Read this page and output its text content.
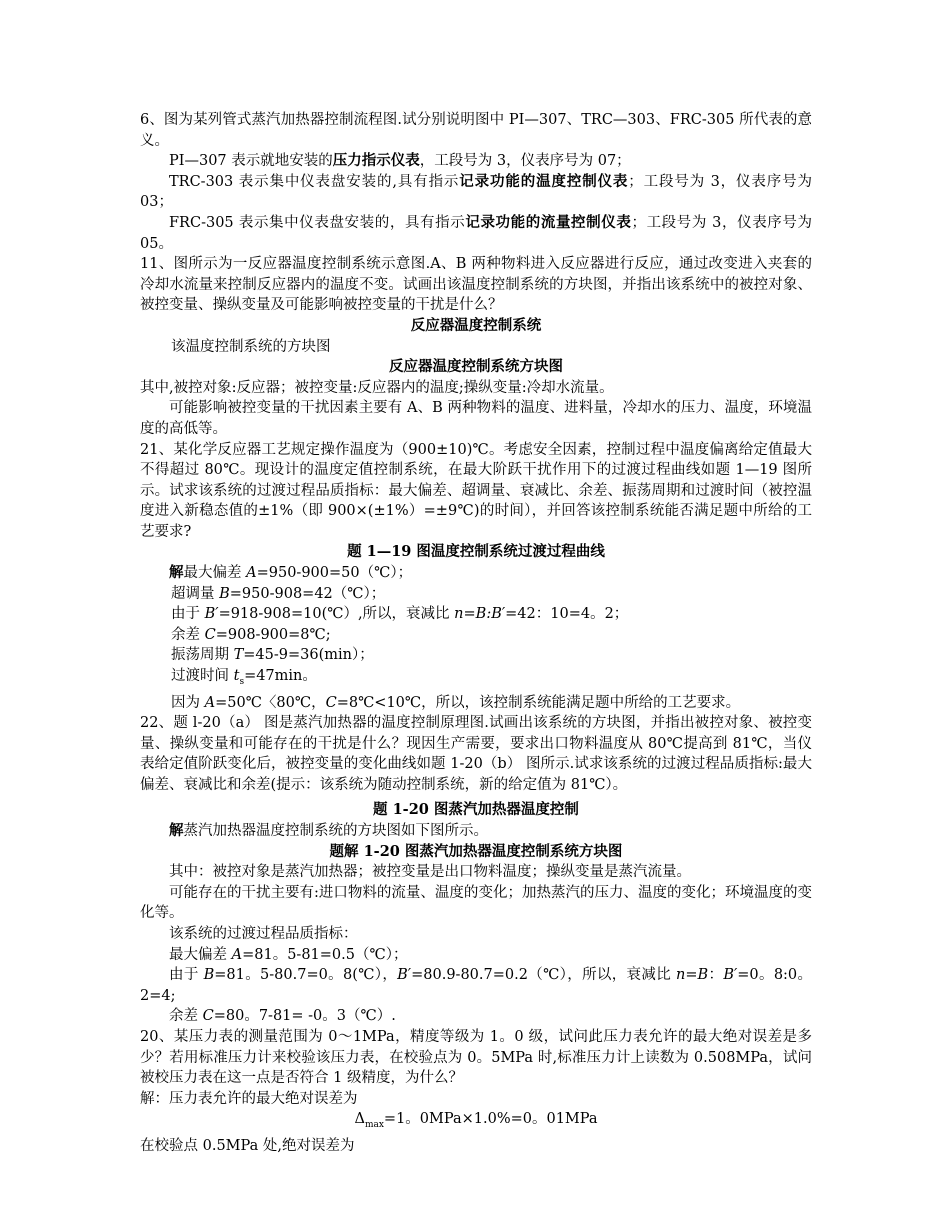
6、图为某列管式蒸汽加热器控制流程图.试分别说明图中 PI—307、TRC—303、FRC-305 所代表的意义。

PI—307 表示就地安装的压力指示仪表，工段号为 3，仪表序号为 07；

TRC-303 表示集中仪表盘安装的,具有指示记录功能的温度控制仪表；工段号为 3，仪表序号为 03；

FRC-305 表示集中仪表盘安装的，具有指示记录功能的流量控制仪表；工段号为 3，仪表序号为 05。

11、图所示为一反应器温度控制系统示意图.A、B 两种物料进入反应器进行反应，通过改变进入夹套的冷却水流量来控制反应器内的温度不变。试画出该温度控制系统的方块图，并指出该系统中的被控对象、被控变量、操纵变量及可能影响被控变量的干扰是什么？

反应器温度控制系统

该温度控制系统的方块图

反应器温度控制系统方块图

其中,被控对象:反应器；被控变量:反应器内的温度;操纵变量:冷却水流量。

可能影响被控变量的干扰因素主要有 A、B 两种物料的温度、进料量，冷却水的压力、温度，环境温度的高低等。

21、某化学反应器工艺规定操作温度为（900±10)℃。考虑安全因素，控制过程中温度偏离给定值最大不得超过 80℃。现设计的温度定值控制系统，在最大阶跃干扰作用下的过渡过程曲线如题 1—19 图所示。试求该系统的过渡过程品质指标：最大偏差、超调量、衰减比、余差、振荡周期和过渡时间（被控温度进入新稳态值的±1%（即 900×(±1%）=±9℃)的时间），并回答该控制系统能否满足题中所给的工艺要求?

题 1—19 图温度控制系统过渡过程曲线

解最大偏差 A=950-900=50（℃）；

超调量 B=950-908=42（℃）；

由于 B′=918-908=10(℃）,所以，衰减比 n=B:B′=42：10=4。2；

余差 C=908-900=8℃;

振荡周期 T=45-9=36(min）；

过渡时间 $t_s=47\min$。

因为 A=50℃〈80℃，C=8℃<10℃，所以，该控制系统能满足题中所给的工艺要求。

22、题 l-20（a） 图是蒸汽加热器的温度控制原理图.试画出该系统的方块图，并指出被控对象、被控变量、操纵变量和可能存在的干扰是什么？现因生产需要，要求出口物料温度从 80℃提高到 81℃，当仪表给定值阶跃变化后，被控变量的变化曲线如题 1-20（b） 图所示.试求该系统的过渡过程品质指标:最大偏差、衰减比和余差(提示：该系统为随动控制系统，新的给定值为 81℃）。

题 1-20 图蒸汽加热器温度控制

解蒸汽加热器温度控制系统的方块图如下图所示。

题解 1-20 图蒸汽加热器温度控制系统方块图

其中：被控对象是蒸汽加热器；被控变量是出口物料温度；操纵变量是蒸汽流量。

可能存在的干扰主要有:进口物料的流量、温度的变化；加热蒸汽的压力、温度的变化；环境温度的变化等。

该系统的过渡过程品质指标：

最大偏差 A=81。5-81=0.5（℃）；

由于 B=81。5-80.7=0。8(℃），B′=80.9-80.7=0.2（℃），所以，衰减比 n=B：B′=0。8:0。2=4;

余差 C=80。7-81= -0。3（℃）.

20、某压力表的测量范围为 0～1MPa，精度等级为 1。0 级，试问此压力表允许的最大绝对误差是多少？若用标准压力计来校验该压力表，在校验点为 0。5MPa 时,标准压力计上读数为 0.508MPa，试问被校压力表在这一点是否符合 1 级精度，为什么？

解：压力表允许的最大绝对误差为

$\Delta_{max}=1$。0MPa×1.0%=0。01MPa

在校验点 0.5MPa 处,绝对误差为
